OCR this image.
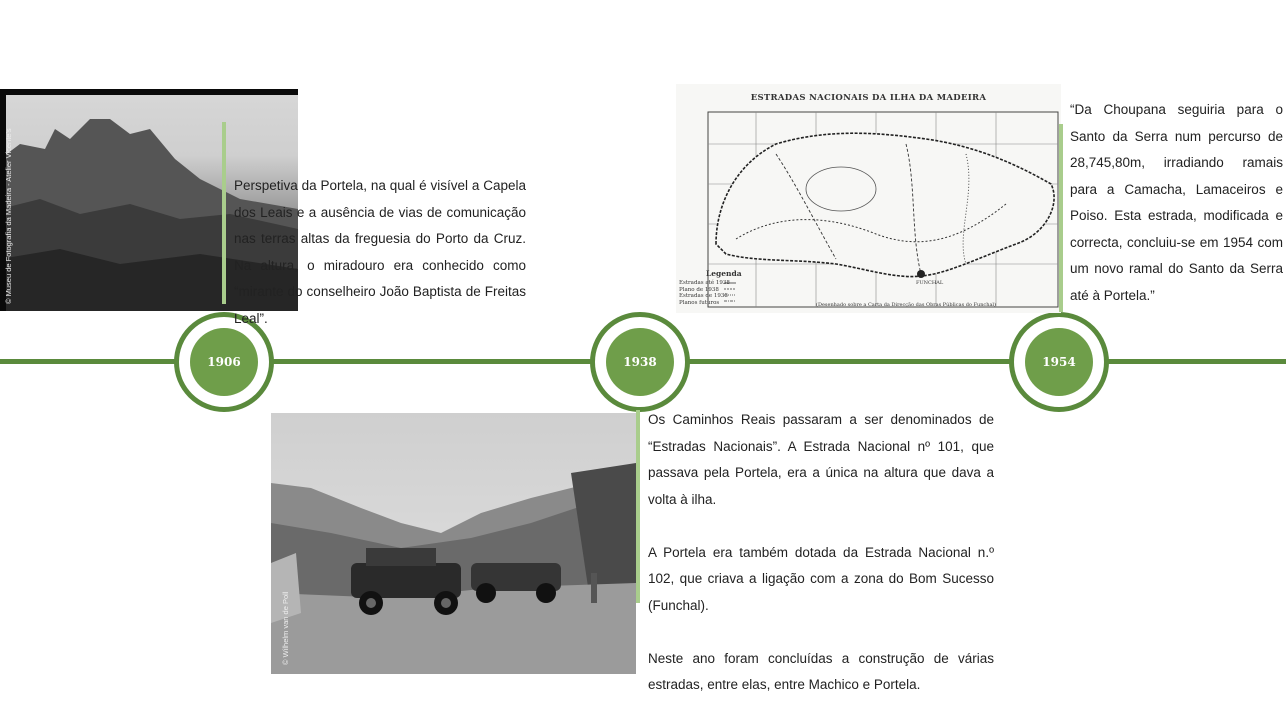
1906	1938	1954
© Museu de Fotografia da Madeira - Atelier Vicente's	Perspetiva da Portela, na qual é visível a Capela dos Leais e a ausência de vias de comunicação nas terras altas da freguesia do Porto da Cruz. Na altura, o miradouro era conhecido como “mirante do conselheiro João Baptista de Freitas Leal”.
© Wilhelm van de Poll

Os Caminhos Reais passaram a ser denominados de “Estradas Nacionais”. A Estrada Nacional nº 101, que passava pela Portela, era a única na altura que dava a volta à ilha.

A Portela era também dotada da Estrada Nacional n.º 102, que criava a ligação com a zona do Bom Sucesso (Funchal).

Neste ano foram concluídas a construção de várias estradas, entre elas, entre Machico e Portela.

ESTRADAS NACIONAIS DA ILHA DA MADEIRA
Legenda
Estradas até 1938
Plano de 1938
Estradas de 1938
Planos futuros
FUNCHAL
(Desenhado sobre a Carta da Direcção das Obras Públicas do Funchal)
“Da Choupana seguiria para o Santo da Serra num percurso de 28,745,80m, irradiando ramais para a Camacha, Lamaceiros e Poiso. Esta estrada, modificada e correcta, concluiu-se em 1954 com um novo ramal do Santo da Serra até à Portela.”
